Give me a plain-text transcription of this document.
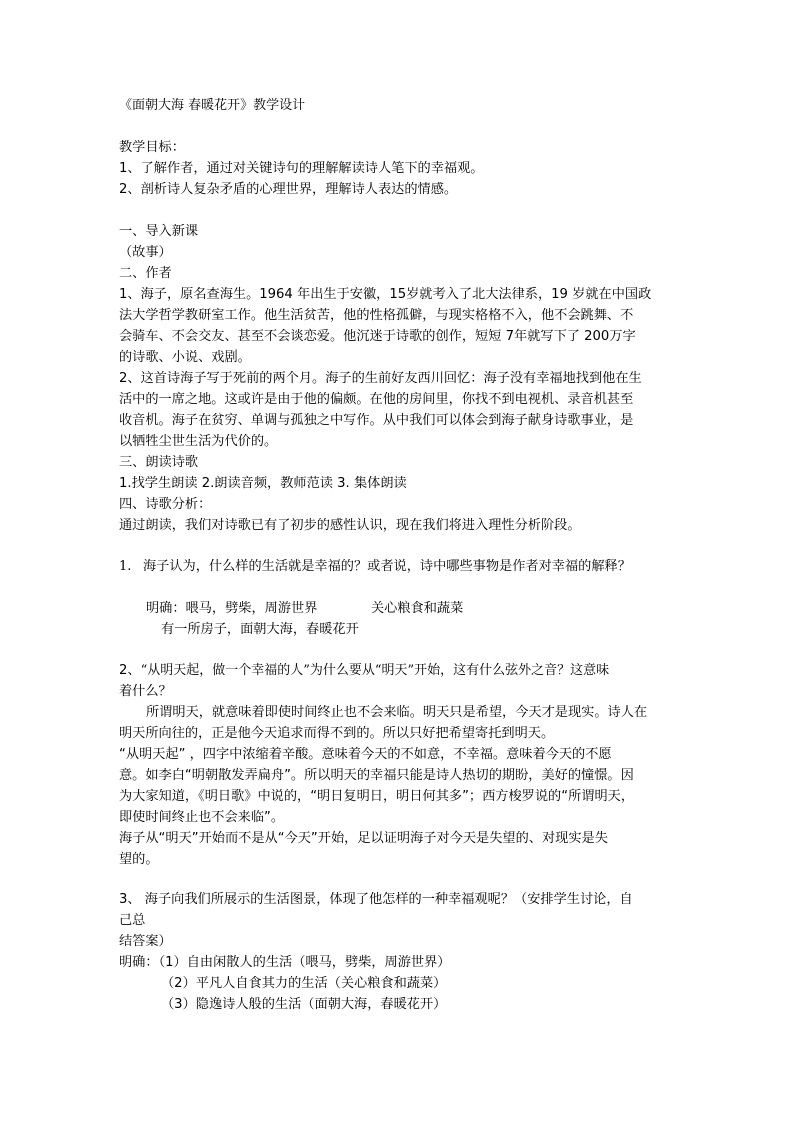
《面朝大海 春暖花开》教学设计
教学目标：
1、了解作者，通过对关键诗句的理解解读诗人笔下的幸福观。
2、剖析诗人复杂矛盾的心理世界，理解诗人表达的情感。
一、导入新课
（故事）
二、作者
1、海子，原名查海生。1964 年出生于安徽，15岁就考入了北大法律系，19 岁就在中国政
法大学哲学教研室工作。他生活贫苦，他的性格孤僻，与现实格格不入，他不会跳舞、不
会骑车、不会交友、甚至不会谈恋爱。他沉迷于诗歌的创作，短短 7年就写下了 200万字
的诗歌、小说、戏剧。
2、这首诗海子写于死前的两个月。海子的生前好友西川回忆：海子没有幸福地找到他在生
活中的一席之地。这或许是由于他的偏颇。在他的房间里，你找不到电视机、录音机甚至
收音机。海子在贫穷、单调与孤独之中写作。从中我们可以体会到海子献身诗歌事业，是
以牺牲尘世生活为代价的。
三、朗读诗歌
1.找学生朗读 2.朗读音频，教师范读 3. 集体朗读
四、诗歌分析：
通过朗读，我们对诗歌已有了初步的感性认识，现在我们将进入理性分析阶段。
1. 海子认为，什么样的生活就是幸福的？或者说，诗中哪些事物是作者对幸福的解释？
明确：喂马，劈柴，周游世界	关心粮食和蔬菜
有一所房子，面朝大海，春暖花开
2、“从明天起，做一个幸福的人”为什么要从“明天”开始，这有什么弦外之音？这意味
着什么？
所谓明天，就意味着即使时间终止也不会来临。明天只是希望，今天才是现实。诗人在
明天所向往的，正是他今天追求而得不到的。所以只好把希望寄托到明天。
“从明天起” ，四字中浓缩着辛酸。意味着今天的不如意，不幸福。意味着今天的不愿
意。如李白“明朝散发弄扁舟”。所以明天的幸福只能是诗人热切的期盼，美好的憧憬。因
为大家知道，《明日歌》中说的，“明日复明日，明日何其多”；西方梭罗说的“所谓明天，
即使时间终止也不会来临”。
海子从“明天”开始而不是从“今天”开始，足以证明海子对今天是失望的、对现实是失
望的。
3、 海子向我们所展示的生活图景，体现了他怎样的一种幸福观呢？（安排学生讨论，自
己总
结答案）
明确：（1）自由闲散人的生活（喂马，劈柴，周游世界）
（2）平凡人自食其力的生活（关心粮食和蔬菜）
（3）隐逸诗人般的生活（面朝大海，春暖花开）
